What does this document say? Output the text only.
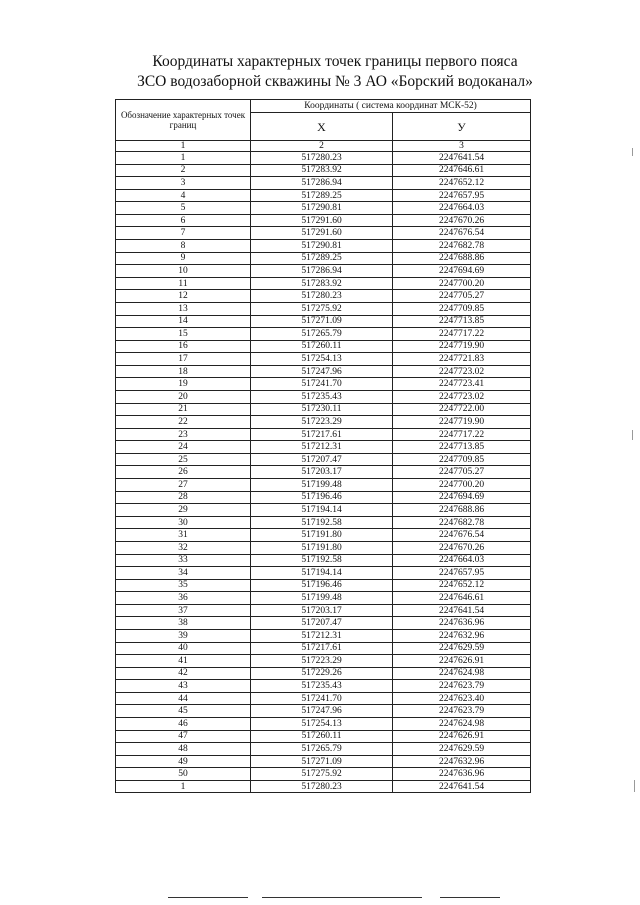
Координаты характерных точек границы первого пояса
ЗСО водозаборной скважины № 3 АО «Борский водоканал»
Обозначение характерных точек границ	Координаты ( система координат МСК-52)	
	Х	У
1	2	3
1	517280.23	2247641.54
2	517283.92	2247646.61
3	517286.94	2247652.12
4	517289.25	2247657.95
5	517290.81	2247664.03
6	517291.60	2247670.26
7	517291.60	2247676.54
8	517290.81	2247682.78
9	517289.25	2247688.86
10	517286.94	2247694.69
11	517283.92	2247700.20
12	517280.23	2247705.27
13	517275.92	2247709.85
14	517271.09	2247713.85
15	517265.79	2247717.22
16	517260.11	2247719.90
17	517254.13	2247721.83
18	517247.96	2247723.02
19	517241.70	2247723.41
20	517235.43	2247723.02
21	517230.11	2247722.00
22	517223.29	2247719.90
23	517217.61	2247717.22
24	517212.31	2247713.85
25	517207.47	2247709.85
26	517203.17	2247705.27
27	517199.48	2247700.20
28	517196.46	2247694.69
29	517194.14	2247688.86
30	517192.58	2247682.78
31	517191.80	2247676.54
32	517191.80	2247670.26
33	517192.58	2247664.03
34	517194.14	2247657.95
35	517196.46	2247652.12
36	517199.48	2247646.61
37	517203.17	2247641.54
38	517207.47	2247636.96
39	517212.31	2247632.96
40	517217.61	2247629.59
41	517223.29	2247626.91
42	517229.26	2247624.98
43	517235.43	2247623.79
44	517241.70	2247623.40
45	517247.96	2247623.79
46	517254.13	2247624.98
47	517260.11	2247626.91
48	517265.79	2247629.59
49	517271.09	2247632.96
50	517275.92	2247636.96
1	517280.23	2247641.54
